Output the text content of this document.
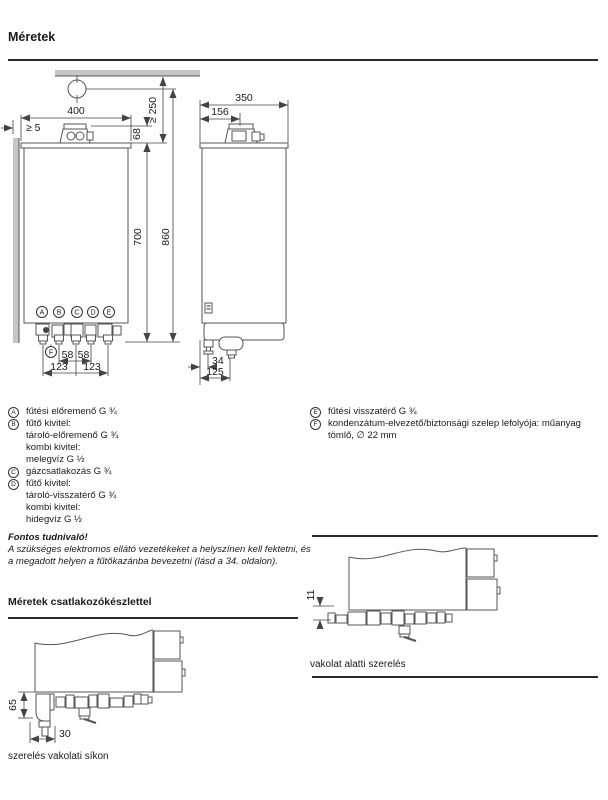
Méretek
A B C D E
F
400
≥ 5
≥ 250
68
700 860
58 58
123 123
350
156
34
125
A	fűtési előremenő G ¾
B	fűtő kivitel:
tároló-előremenő G ¾
kombi kivitel:
melegvíz G ½
C	gázcsatlakozás G ¾
D	fűtő kivitel:
tároló-visszatérő G ¾
kombi kivitel:
hidegvíz G ½
E	fűtési visszatérő G ¾
F	kondenzátum-elvezető/biztonsági szelep lefolyója: műanyag tömlő, ∅ 22 mm
Fontos tudnivaló!
A szükséges elektromos ellátó vezetékeket a helyszínen kell fektetni, és a megadott helyen a fűtőkazánba bevezetni (lásd a 34. oldalon).
Méretek csatlakozókészlettel
65
30
szerelés vakolati síkon
11
vakolat alatti szerelés
